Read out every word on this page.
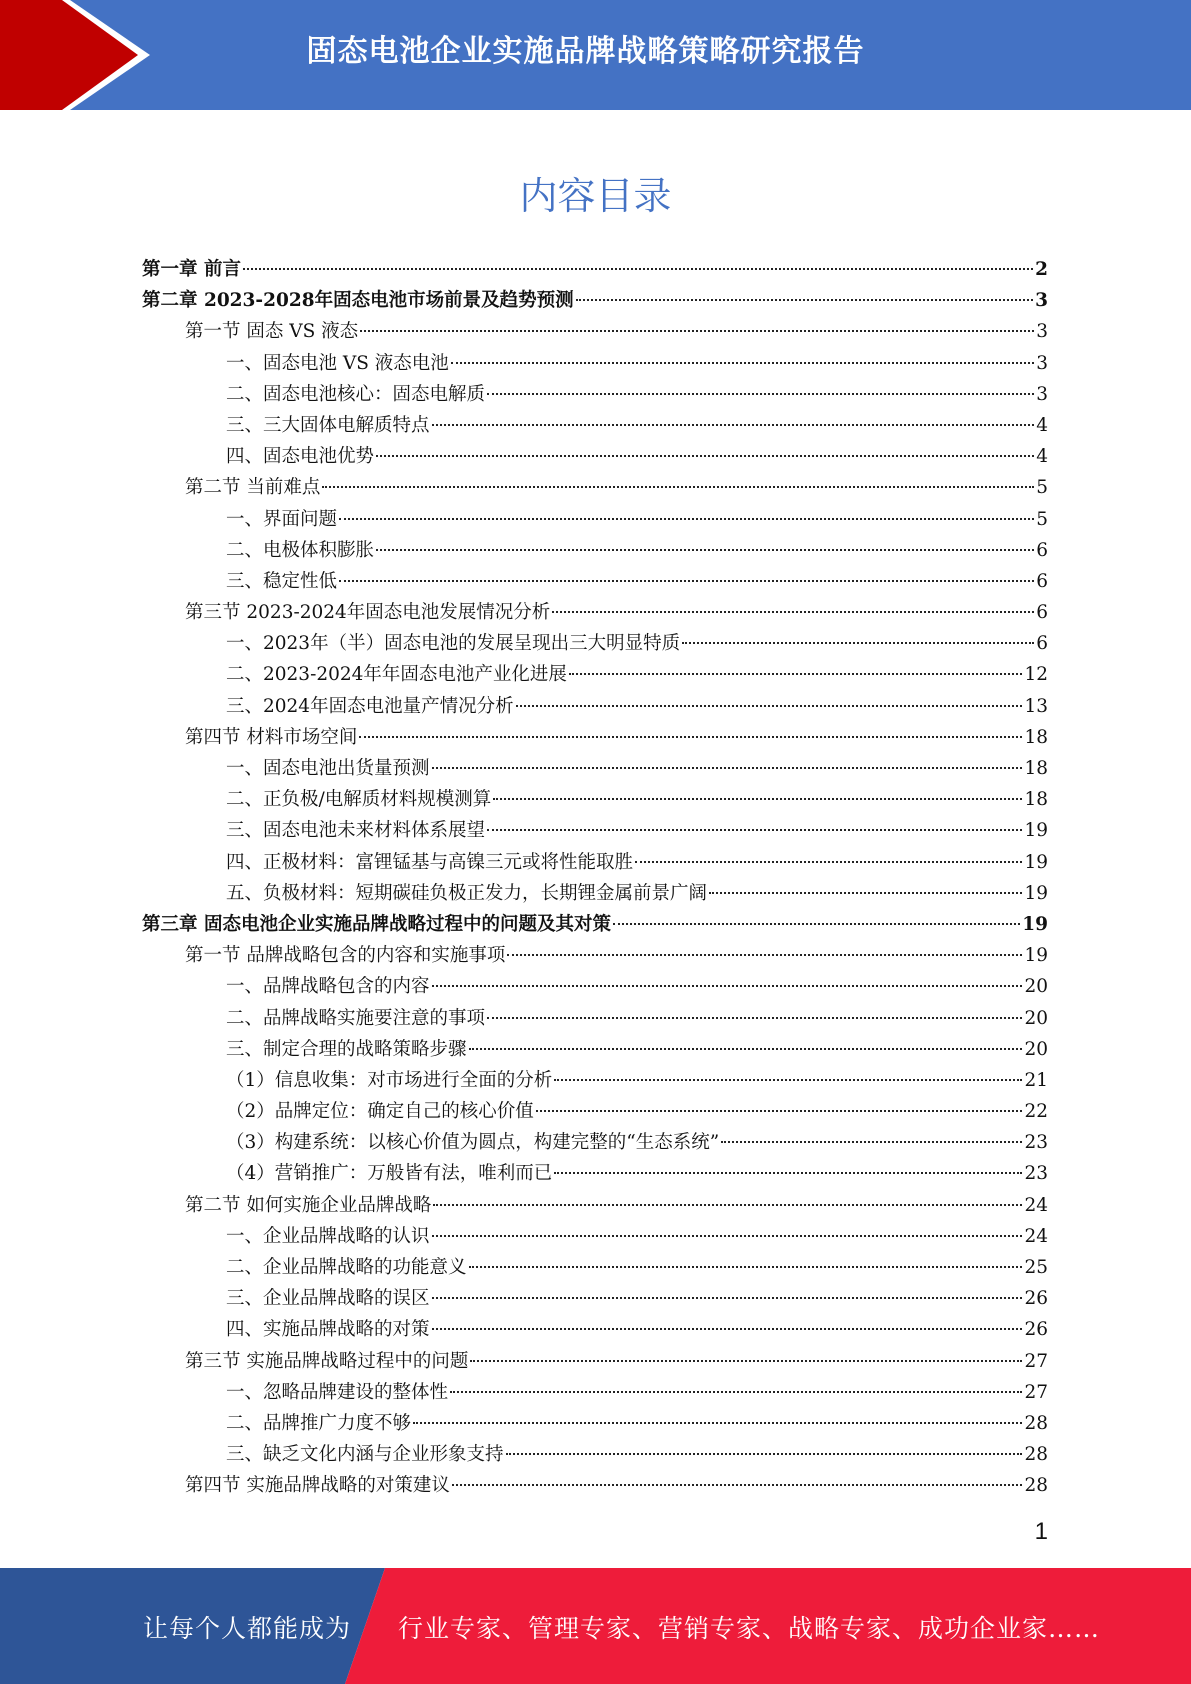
固态电池企业实施品牌战略策略研究报告
内容目录
第一章 前言	2
第二章 2023-2028年固态电池市场前景及趋势预测	3
第一节 固态 VS 液态	3
一、固态电池 VS 液态电池	3
二、固态电池核心：固态电解质	3
三、三大固体电解质特点	4
四、固态电池优势	4
第二节 当前难点	5
一、界面问题	5
二、电极体积膨胀	6
三、稳定性低	6
第三节 2023-2024年固态电池发展情况分析	6
一、2023年（半）固态电池的发展呈现出三大明显特质	6
二、2023-2024年年固态电池产业化进展	12
三、2024年固态电池量产情况分析	13
第四节 材料市场空间	18
一、固态电池出货量预测	18
二、正负极/电解质材料规模测算	18
三、固态电池未来材料体系展望	19
四、正极材料：富锂锰基与高镍三元或将性能取胜	19
五、负极材料：短期碳硅负极正发力，长期锂金属前景广阔	19
第三章 固态电池企业实施品牌战略过程中的问题及其对策	19
第一节 品牌战略包含的内容和实施事项	19
一、品牌战略包含的内容	20
二、品牌战略实施要注意的事项	20
三、制定合理的战略策略步骤	20
（1）信息收集：对市场进行全面的分析	21
（2）品牌定位：确定自己的核心价值	22
（3）构建系统：以核心价值为圆点，构建完整的“生态系统”	23
（4）营销推广：万般皆有法，唯利而已	23
第二节 如何实施企业品牌战略	24
一、企业品牌战略的认识	24
二、企业品牌战略的功能意义	25
三、企业品牌战略的误区	26
四、实施品牌战略的对策	26
第三节 实施品牌战略过程中的问题	27
一、忽略品牌建设的整体性	27
二、品牌推广力度不够	28
三、缺乏文化内涵与企业形象支持	28
第四节 实施品牌战略的对策建议	28
1
让每个人都能成为 行业专家、管理专家、营销专家、战略专家、成功企业家……
